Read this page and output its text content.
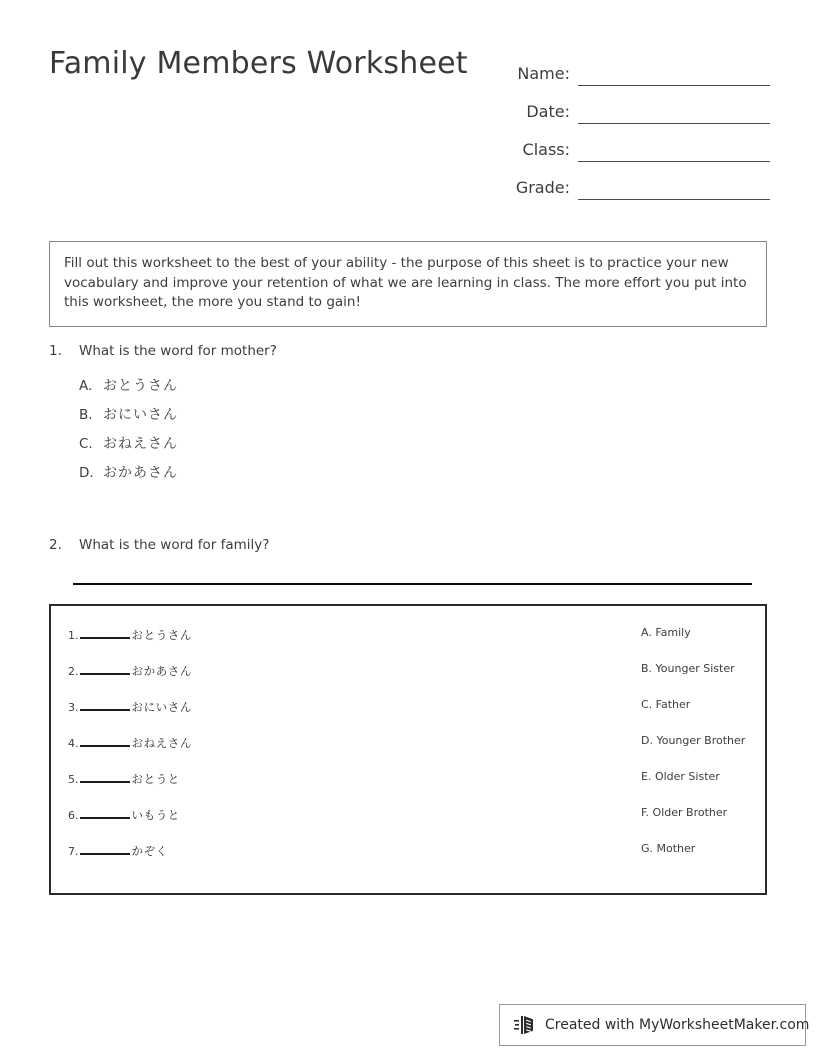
Family Members Worksheet	Name:
Date:
Class:
Grade:
Fill out this worksheet to the best of your ability - the purpose of this sheet is to practice your new vocabulary and improve your retention of what we are learning in class. The more effort you put into this worksheet, the more you stand to gain!
1.	What is the word for mother?
A. おとうさん
B. おにいさん
C. おねえさん
D. おかあさん
2.	What is the word for family?
1.	おとうさん
2.	おかあさん
3.	おにいさん
4.	おねえさん
5.	おとうと
6.	いもうと
7.	かぞく
A. Family
B. Younger Sister
C. Father
D. Younger Brother
E. Older Sister
F. Older Brother
G. Mother
Created with MyWorksheetMaker.com
